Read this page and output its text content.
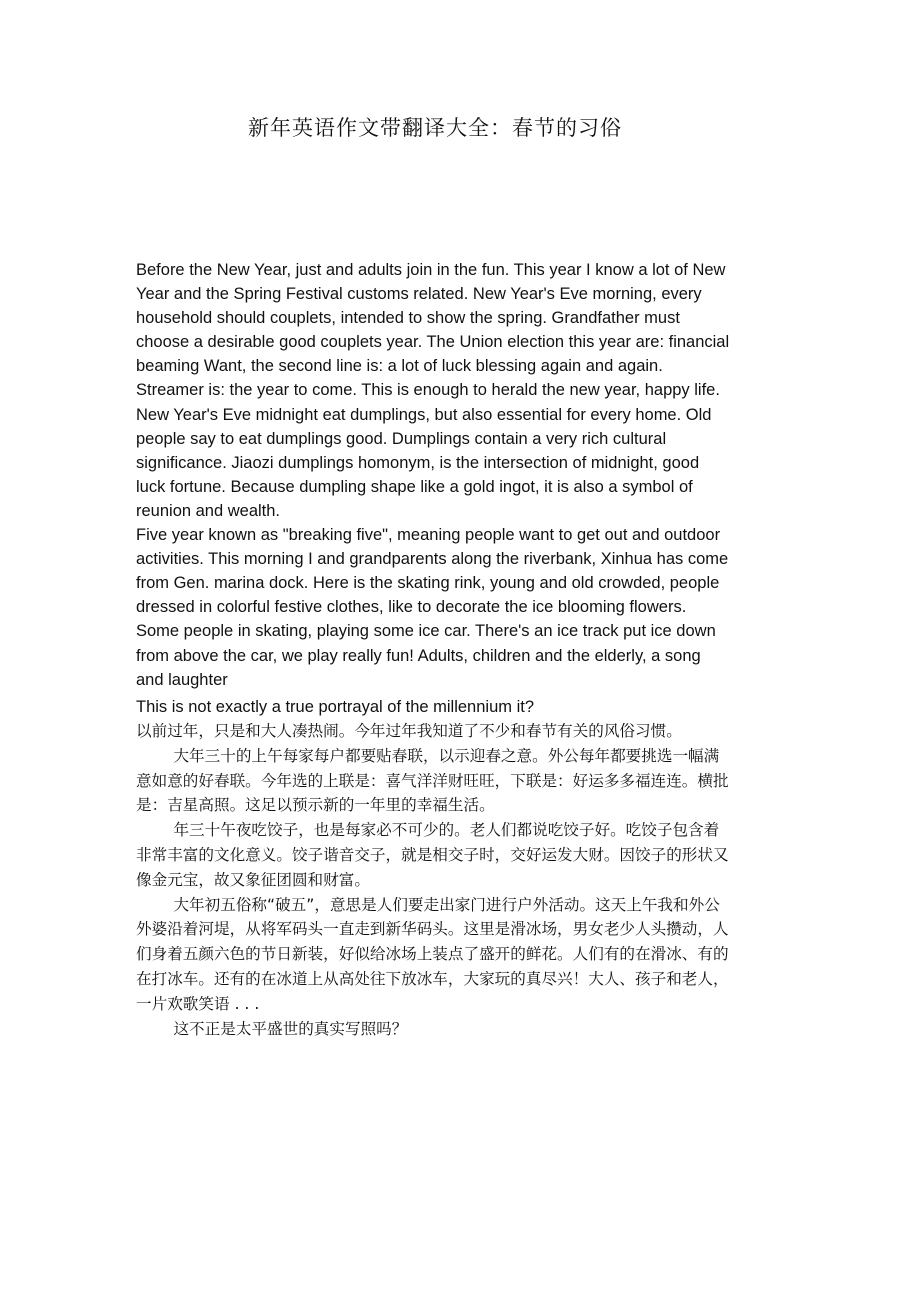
新年英语作文带翻译大全：春节的习俗

Before the New Year, just and adults join in the fun. This year I know a lot of New Year and the Spring Festival customs related. New Year's Eve morning, every household should couplets, intended to show the spring. Grandfather must choose a desirable good couplets year. The Union election this year are: financial beaming Want, the second line is: a lot of luck blessing again and again. Streamer is: the year to come. This is enough to herald the new year, happy life. New Year's Eve midnight eat dumplings, but also essential for every home. Old people say to eat dumplings good. Dumplings contain a very rich cultural significance. Jiaozi dumplings homonym, is the intersection of midnight, good luck fortune. Because dumpling shape like a gold ingot, it is also a symbol of reunion and wealth.

Five year known as "breaking five", meaning people want to get out and outdoor activities. This morning I and grandparents along the riverbank, Xinhua has come from Gen. marina dock. Here is the skating rink, young and old crowded, people dressed in colorful festive clothes, like to decorate the ice blooming flowers. Some people in skating, playing some ice car. There's an ice track put ice down from above the car, we play really fun! Adults, children and the elderly, a song and laughter

This is not exactly a true portrayal of the millennium it?

以前过年，只是和大人凑热闹。今年过年我知道了不少和春节有关的风俗习惯。

大年三十的上午每家每户都要贴春联，以示迎春之意。外公每年都要挑选一幅满意如意的好春联。今年选的上联是：喜气洋洋财旺旺，下联是：好运多多福连连。横批是：吉星高照。这足以预示新的一年里的幸福生活。

年三十午夜吃饺子，也是每家必不可少的。老人们都说吃饺子好。吃饺子包含着非常丰富的文化意义。饺子谐音交子，就是相交子时，交好运发大财。因饺子的形状又像金元宝，故又象征团圆和财富。

大年初五俗称“破五”，意思是人们要走出家门进行户外活动。这天上午我和外公外婆沿着河堤，从将军码头一直走到新华码头。这里是滑冰场，男女老少人头攒动，人们身着五颜六色的节日新装，好似给冰场上装点了盛开的鲜花。人们有的在滑冰、有的在打冰车。还有的在冰道上从高处往下放冰车，大家玩的真尽兴！大人、孩子和老人，一片欢歌笑语 . . .

这不正是太平盛世的真实写照吗？
